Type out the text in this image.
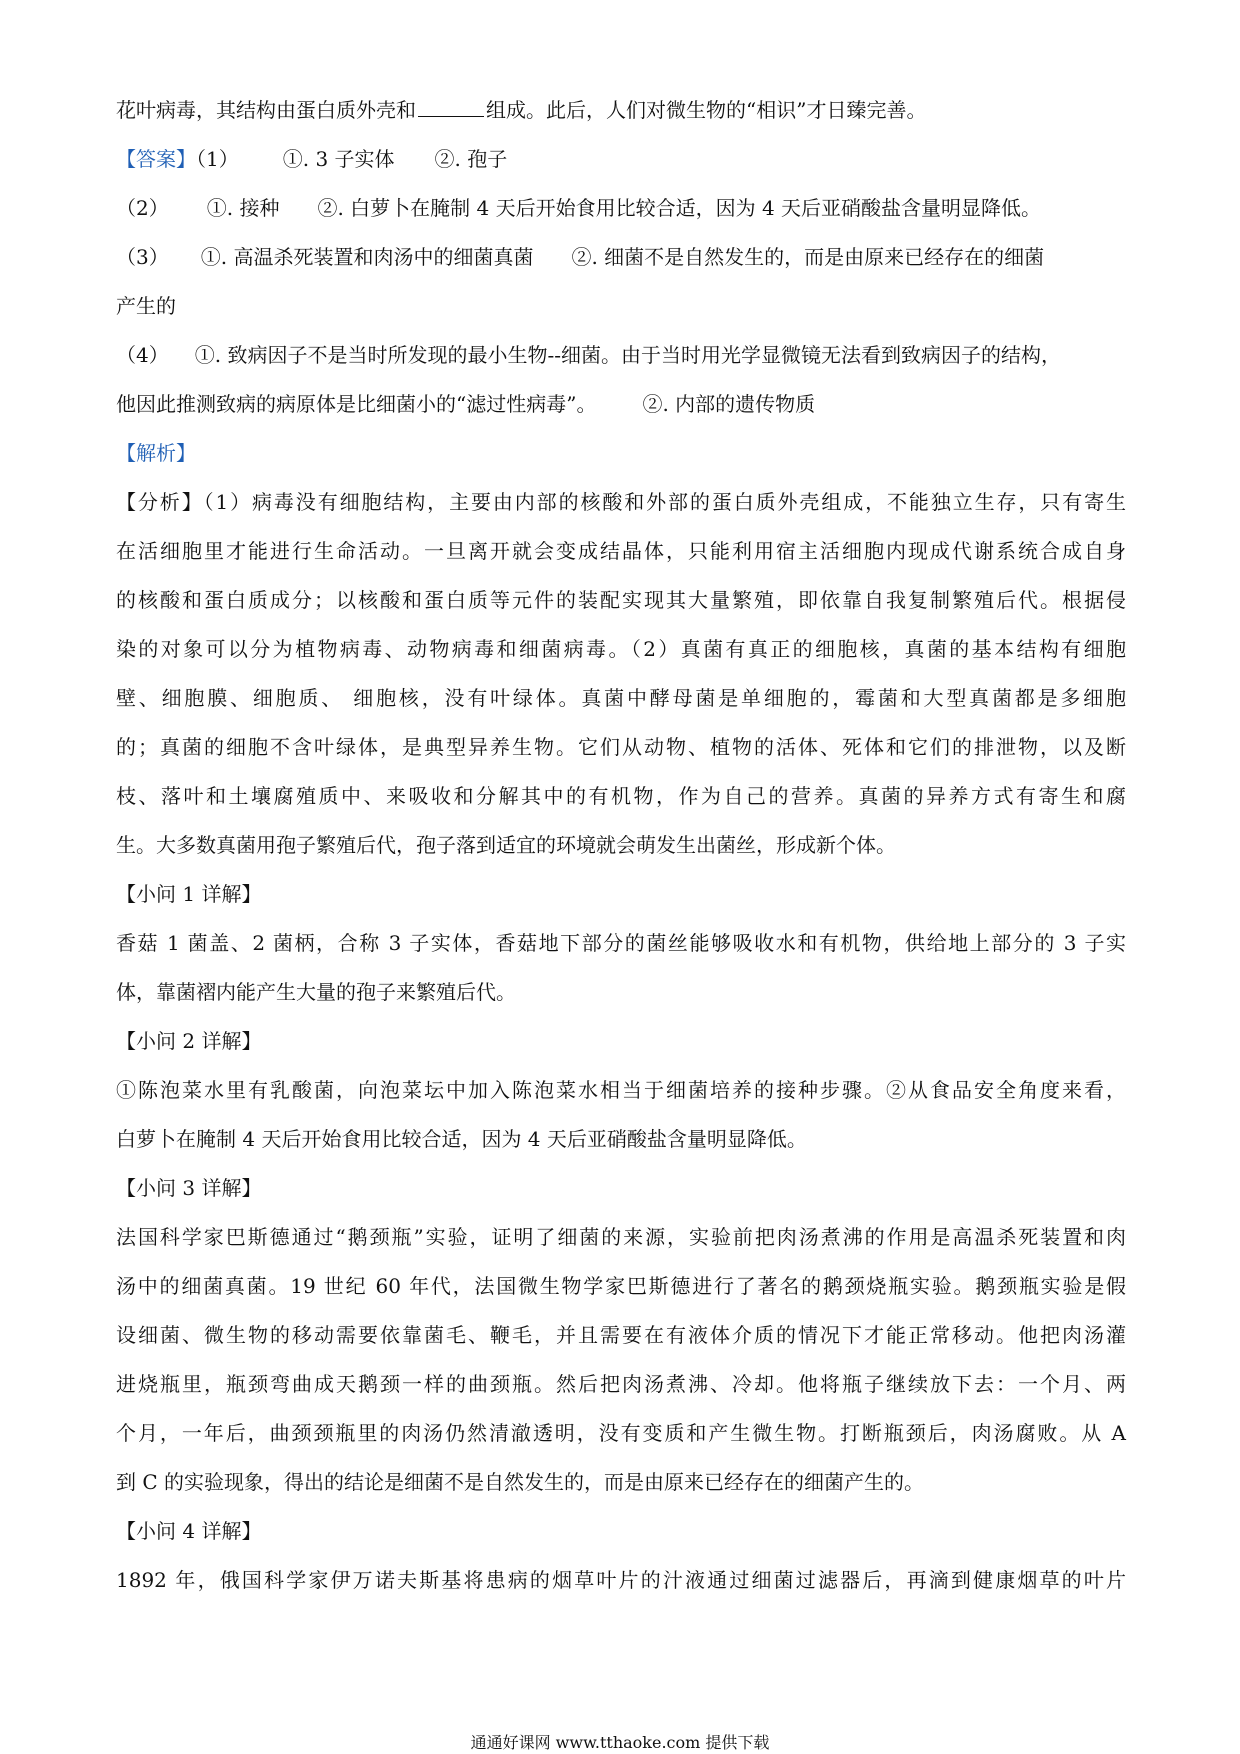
花叶病毒，其结构由蛋白质外壳和	组成。此后，人们对微生物的“相识”才日臻完善。
【答案】（1） ①. 3 子实体 ②. 孢子
（2） ①. 接种 ②. 白萝卜在腌制 4 天后开始食用比较合适，因为 4 天后亚硝酸盐含量明显降低。
（3） ①. 高温杀死装置和肉汤中的细菌真菌 ②. 细菌不是自然发生的，而是由原来已经存在的细菌
产生的
（4） ①. 致病因子不是当时所发现的最小生物--细菌。由于当时用光学显微镜无法看到致病因子的结构，
他因此推测致病的病原体是比细菌小的“滤过性病毒”。 ②. 内部的遗传物质
【解析】
【分析】（1）病毒没有细胞结构，主要由内部的核酸和外部的蛋白质外壳组成，不能独立生存，只有寄生
在活细胞里才能进行生命活动。一旦离开就会变成结晶体，只能利用宿主活细胞内现成代谢系统合成自身
的核酸和蛋白质成分；以核酸和蛋白质等元件的装配实现其大量繁殖，即依靠自我复制繁殖后代。根据侵
染的对象可以分为植物病毒、动物病毒和细菌病毒。（2）真菌有真正的细胞核，真菌的基本结构有细胞
壁、细胞膜、细胞质、 细胞核，没有叶绿体。真菌中酵母菌是单细胞的，霉菌和大型真菌都是多细胞
的；真菌的细胞不含叶绿体，是典型异养生物。它们从动物、植物的活体、死体和它们的排泄物，以及断
枝、落叶和土壤腐殖质中、来吸收和分解其中的有机物，作为自己的营养。真菌的异养方式有寄生和腐
生。大多数真菌用孢子繁殖后代，孢子落到适宜的环境就会萌发生出菌丝，形成新个体。
【小问 1 详解】
香菇 1 菌盖、2 菌柄，合称 3 子实体，香菇地下部分的菌丝能够吸收水和有机物，供给地上部分的 3 子实
体，靠菌褶内能产生大量的孢子来繁殖后代。
【小问 2 详解】
①陈泡菜水里有乳酸菌，向泡菜坛中加入陈泡菜水相当于细菌培养的接种步骤。②从食品安全角度来看，
白萝卜在腌制 4 天后开始食用比较合适，因为 4 天后亚硝酸盐含量明显降低。
【小问 3 详解】
法国科学家巴斯德通过“鹅颈瓶”实验，证明了细菌的来源，实验前把肉汤煮沸的作用是高温杀死装置和肉
汤中的细菌真菌。19 世纪 60 年代，法国微生物学家巴斯德进行了著名的鹅颈烧瓶实验。鹅颈瓶实验是假
设细菌、微生物的移动需要依靠菌毛、鞭毛，并且需要在有液体介质的情况下才能正常移动。他把肉汤灌
进烧瓶里，瓶颈弯曲成天鹅颈一样的曲颈瓶。然后把肉汤煮沸、冷却。他将瓶子继续放下去：一个月、两
个月，一年后，曲颈颈瓶里的肉汤仍然清澈透明，没有变质和产生微生物。打断瓶颈后，肉汤腐败。从 A
到 C 的实验现象，得出的结论是细菌不是自然发生的，而是由原来已经存在的细菌产生的。
【小问 4 详解】
1892 年，俄国科学家伊万诺夫斯基将患病的烟草叶片的汁液通过细菌过滤器后，再滴到健康烟草的叶片
通通好课网 www.tthaoke.com 提供下载
